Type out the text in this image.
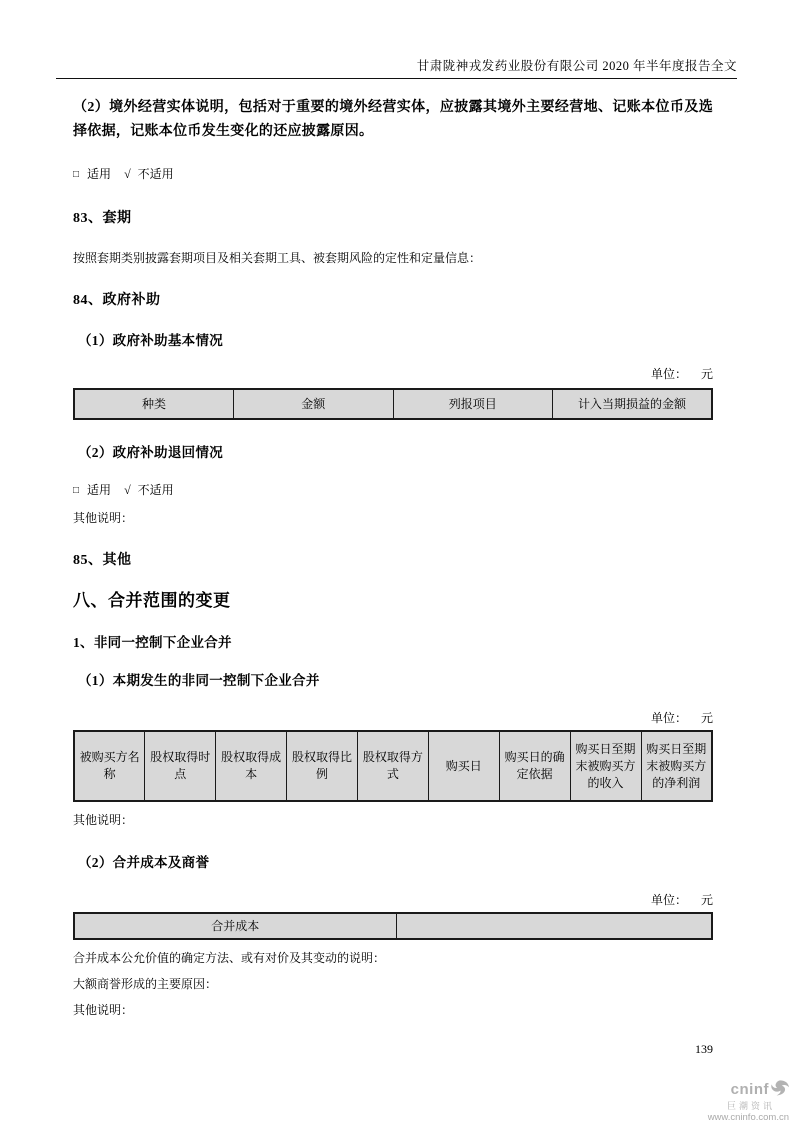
甘肃陇神戎发药业股份有限公司 2020 年半年度报告全文

（2）境外经营实体说明，包括对于重要的境外经营实体，应披露其境外主要经营地、记账本位币及选择依据，记账本位币发生变化的还应披露原因。

□ 适用 √ 不适用
83、套期

按照套期类别披露套期项目及相关套期工具、被套期风险的定性和定量信息：

84、政府补助
（1）政府补助基本情况
单位： 元
种类	金额	列报项目	计入当期损益的金额
（2）政府补助退回情况
□ 适用 √ 不适用

其他说明：

85、其他
八、合并范围的变更
1、非同一控制下企业合并
（1）本期发生的非同一控制下企业合并
单位： 元
被购买方名称	股权取得时点	股权取得成本	股权取得比例	股权取得方式	购买日	购买日的确定依据	购买日至期末被购买方的收入	购买日至期末被购买方的净利润

其他说明：

（2）合并成本及商誉
单位： 元
合并成本	

合并成本公允价值的确定方法、或有对价及其变动的说明：

大额商誉形成的主要原因：

其他说明：

139
cninf
巨潮资讯
www.cninfo.com.cn
